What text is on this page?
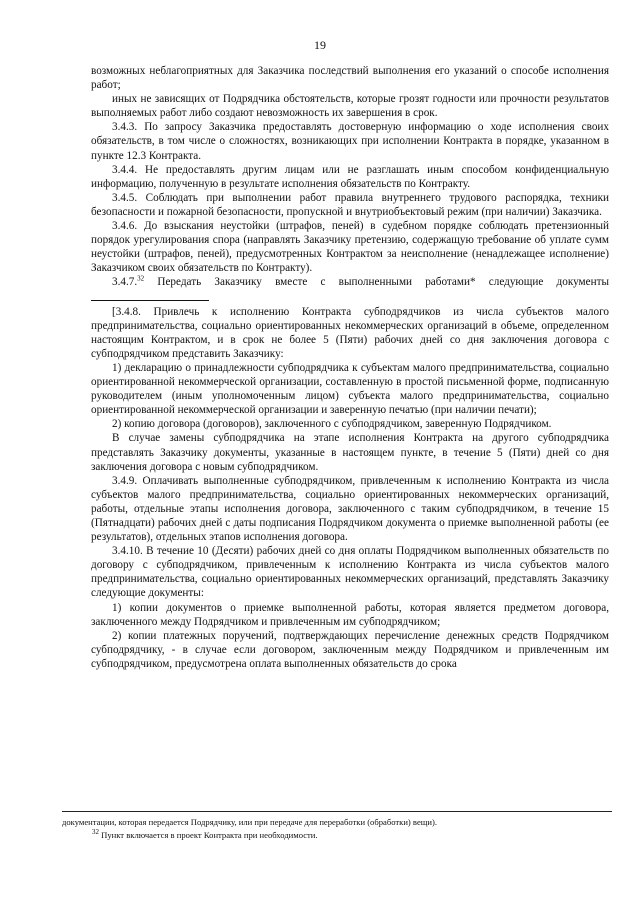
19

возможных неблагоприятных для Заказчика последствий выполнения его указаний о способе исполнения работ;

иных не зависящих от Подрядчика обстоятельств, которые грозят годности или прочности результатов выполняемых работ либо создают невозможность их завершения в срок.

3.4.3. По запросу Заказчика предоставлять достоверную информацию о ходе исполнения своих обязательств, в том числе о сложностях, возникающих при исполнении Контракта в порядке, указанном в пункте 12.3 Контракта.

3.4.4. Не предоставлять другим лицам или не разглашать иным способом конфиденциальную информацию, полученную в результате исполнения обязательств по Контракту.

3.4.5. Соблюдать при выполнении работ правила внутреннего трудового распорядка, техники безопасности и пожарной безопасности, пропускной и внутриобъектовый режим (при наличии) Заказчика.

3.4.6. До взыскания неустойки (штрафов, пеней) в судебном порядке соблюдать претензионный порядок урегулирования спора (направлять Заказчику претензию, содержащую требование об уплате сумм неустойки (штрафов, пеней), предусмотренных Контрактом за неисполнение (ненадлежащее исполнение) Заказчиком своих обязательств по Контракту).

3.4.7.32 Передать Заказчику вместе с выполненными работами* следующие документы

[3.4.8. Привлечь к исполнению Контракта субподрядчиков из числа субъектов малого предпринимательства, социально ориентированных некоммерческих организаций в объеме, определенном настоящим Контрактом, и в срок не более 5 (Пяти) рабочих дней со дня заключения договора с субподрядчиком представить Заказчику:

1) декларацию о принадлежности субподрядчика к субъектам малого предпринимательства, социально ориентированной некоммерческой организации, составленную в простой письменной форме, подписанную руководителем (иным уполномоченным лицом) субъекта малого предпринимательства, социально ориентированной некоммерческой организации и заверенную печатью (при наличии печати);

2) копию договора (договоров), заключенного с субподрядчиком, заверенную Подрядчиком.

В случае замены субподрядчика на этапе исполнения Контракта на другого субподрядчика представлять Заказчику документы, указанные в настоящем пункте, в течение 5 (Пяти) дней со дня заключения договора с новым субподрядчиком.

3.4.9. Оплачивать выполненные субподрядчиком, привлеченным к исполнению Контракта из числа субъектов малого предпринимательства, социально ориентированных некоммерческих организаций, работы, отдельные этапы исполнения договора, заключенного с таким субподрядчиком, в течение 15 (Пятнадцати) рабочих дней с даты подписания Подрядчиком документа о приемке выполненной работы (ее результатов), отдельных этапов исполнения договора.

3.4.10. В течение 10 (Десяти) рабочих дней со дня оплаты Подрядчиком выполненных обязательств по договору с субподрядчиком, привлеченным к исполнению Контракта из числа субъектов малого предпринимательства, социально ориентированных некоммерческих организаций, представлять Заказчику следующие документы:

1) копии документов о приемке выполненной работы, которая является предметом договора, заключенного между Подрядчиком и привлеченным им субподрядчиком;

2) копии платежных поручений, подтверждающих перечисление денежных средств Подрядчиком субподрядчику, - в случае если договором, заключенным между Подрядчиком и привлеченным им субподрядчиком, предусмотрена оплата выполненных обязательств до срока

документации, которая передается Подрядчику, или при передаче для переработки (обработки) вещи).
$^{32}$ Пункт включается в проект Контракта при необходимости.
